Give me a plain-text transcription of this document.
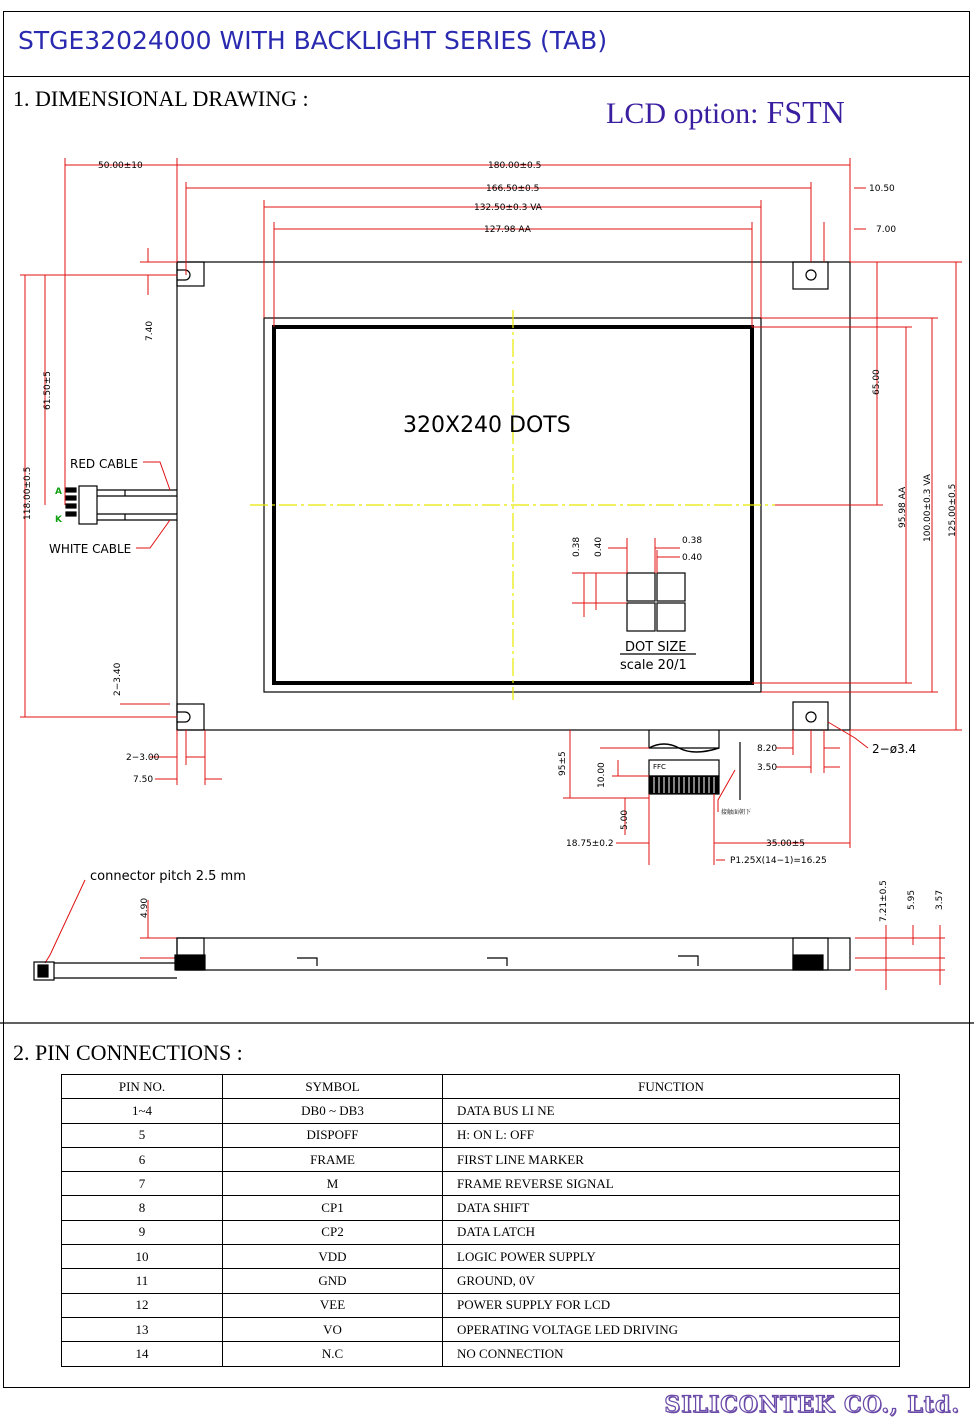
STGE32024000 WITH BACKLIGHT SERIES (TAB)
1. DIMENSIONAL DRAWING :	LCD option: FSTN
50.00±10	180.00±0.5
166.50±0.5
132.50±0.3 VA
127.98 AA
10.50
7.00
7.40
61.50±5
118.00±0.5
2−3.40
2−3.00
7.50
65.00
95.98 AA 100.00±0.3 VA 125.00±0.5
0.38 0.40	0.38
0.40
95±5	10.00
5.00
18.75±0.2
8.20
3.50
35.00±5
P1.25X(14−1)=16.25
4.90	7.21±0.5 5.95 3.57
320X240 DOTS
DOT SIZE
scale 20/1
RED CABLE
WHITE CABLE
FFC
接触面朝下
2−ø3.4
connector pitch 2.5 mm
A
K
2. PIN CONNECTIONS :
PIN NO.	SYMBOL	FUNCTION
1~4	DB0 ~ DB3	DATA BUS LI NE
5	DISPOFF	H: ON L: OFF
6	FRAME	FIRST LINE MARKER
7	M	FRAME REVERSE SIGNAL
8	CP1	DATA SHIFT
9	CP2	DATA LATCH
10	VDD	LOGIC POWER SUPPLY
11	GND	GROUND, 0V
12	VEE	POWER SUPPLY FOR LCD
13	VO	OPERATING VOLTAGE LED DRIVING
14	N.C	NO CONNECTION
SILICONTEK CO., Ltd.
